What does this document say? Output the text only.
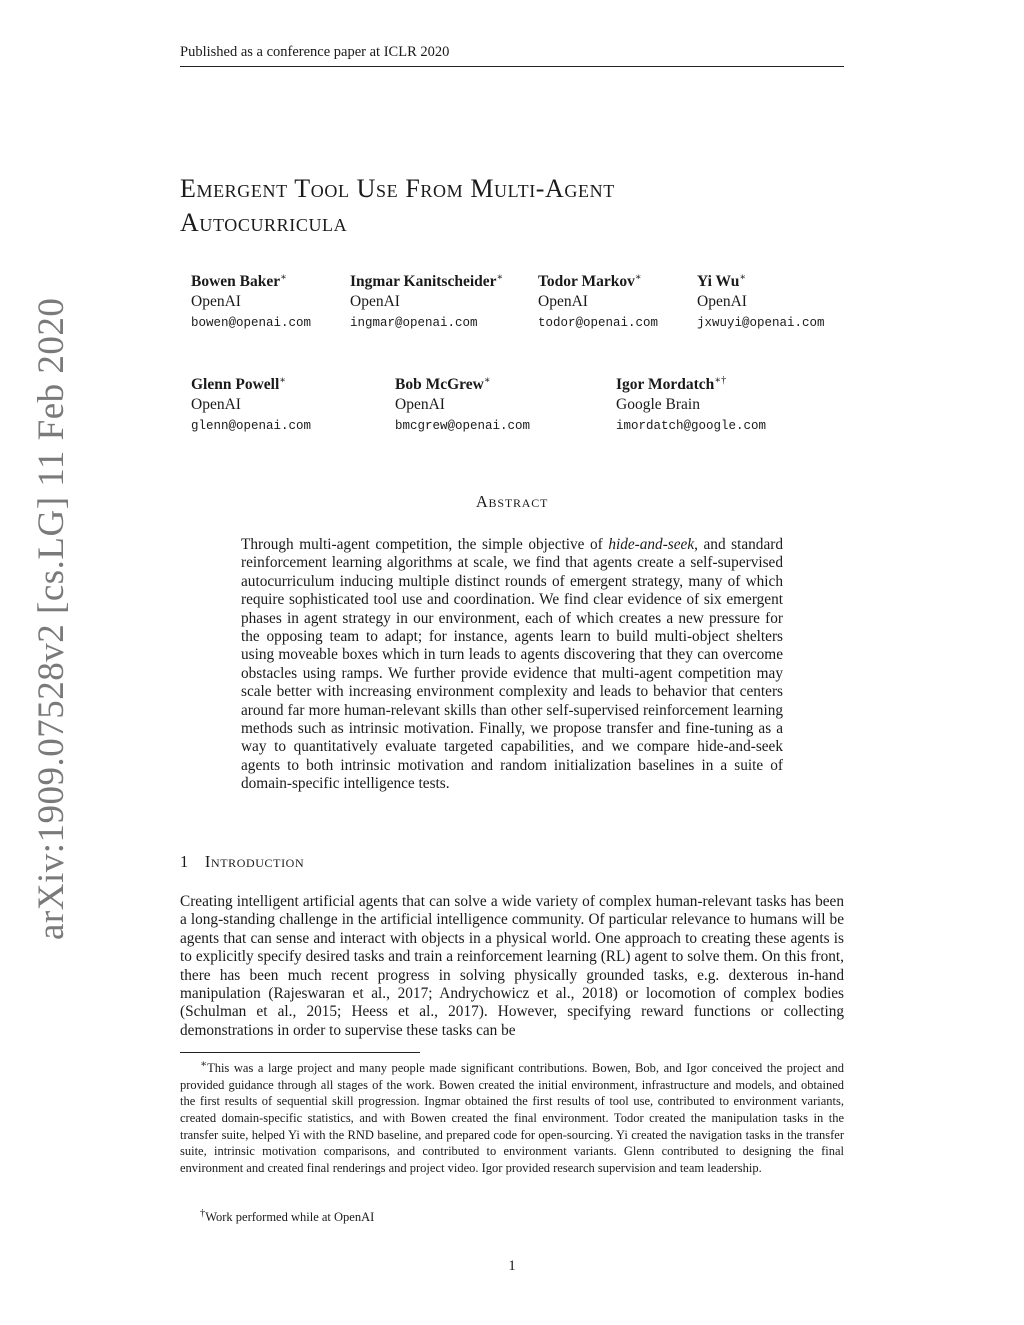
Published as a conference paper at ICLR 2020
arXiv:1909.07528v2 [cs.LG] 11 Feb 2020
Emergent Tool Use From Multi-Agent
Autocurricula
Bowen Baker∗
OpenAI
bowen@openai.com
Ingmar Kanitscheider∗
OpenAI
ingmar@openai.com
Todor Markov∗
OpenAI
todor@openai.com
Yi Wu∗
OpenAI
jxwuyi@openai.com
Glenn Powell∗
OpenAI
glenn@openai.com
Bob McGrew∗
OpenAI
bmcgrew@openai.com
Igor Mordatch∗†
Google Brain
imordatch@google.com
Abstract
Through multi-agent competition, the simple objective of hide-and-seek, and standard reinforcement learning algorithms at scale, we find that agents create a self-supervised autocurriculum inducing multiple distinct rounds of emergent strategy, many of which require sophisticated tool use and coordination. We find clear evidence of six emergent phases in agent strategy in our environment, each of which creates a new pressure for the opposing team to adapt; for instance, agents learn to build multi-object shelters using moveable boxes which in turn leads to agents discovering that they can overcome obstacles using ramps. We further provide evidence that multi-agent competition may scale better with increasing environment complexity and leads to behavior that centers around far more human-relevant skills than other self-supervised reinforcement learning methods such as intrinsic motivation. Finally, we propose transfer and fine-tuning as a way to quantitatively evaluate targeted capabilities, and we compare hide-and-seek agents to both intrinsic motivation and random initialization baselines in a suite of domain-specific intelligence tests.
1 Introduction
Creating intelligent artificial agents that can solve a wide variety of complex human-relevant tasks has been a long-standing challenge in the artificial intelligence community. Of particular relevance to humans will be agents that can sense and interact with objects in a physical world. One approach to creating these agents is to explicitly specify desired tasks and train a reinforcement learning (RL) agent to solve them. On this front, there has been much recent progress in solving physically grounded tasks, e.g. dexterous in-hand manipulation (Rajeswaran et al., 2017; Andrychowicz et al., 2018) or locomotion of complex bodies (Schulman et al., 2015; Heess et al., 2017). However, specifying reward functions or collecting demonstrations in order to supervise these tasks can be
∗This was a large project and many people made significant contributions. Bowen, Bob, and Igor conceived the project and provided guidance through all stages of the work. Bowen created the initial environment, infrastructure and models, and obtained the first results of sequential skill progression. Ingmar obtained the first results of tool use, contributed to environment variants, created domain-specific statistics, and with Bowen created the final environment. Todor created the manipulation tasks in the transfer suite, helped Yi with the RND baseline, and prepared code for open-sourcing. Yi created the navigation tasks in the transfer suite, intrinsic motivation comparisons, and contributed to environment variants. Glenn contributed to designing the final environment and created final renderings and project video. Igor provided research supervision and team leadership.
†Work performed while at OpenAI
1
